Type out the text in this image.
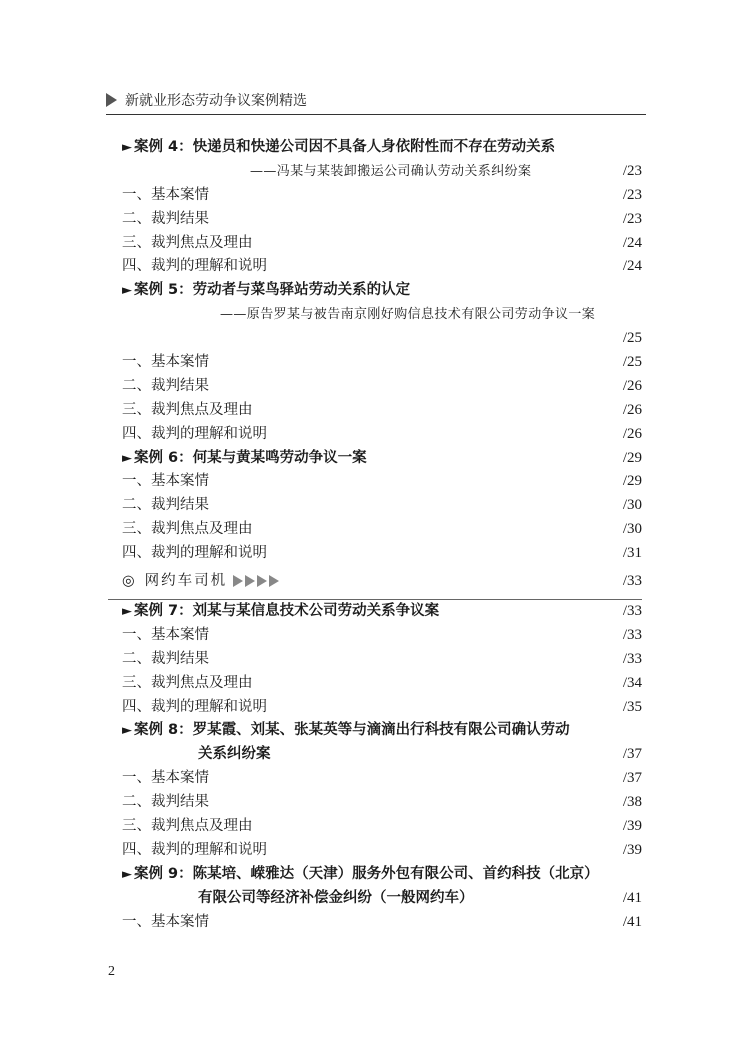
新就业形态劳动争议案例精选
► 案例 4：快递员和快递公司因不具备人身依附性而不存在劳动关系
——冯某与某装卸搬运公司确认劳动关系纠纷案	/23
一、基本案情	/23
二、裁判结果	/23
三、裁判焦点及理由	/24
四、裁判的理解和说明	/24
► 案例 5：劳动者与菜鸟驿站劳动关系的认定
——原告罗某与被告南京刚好购信息技术有限公司劳动争议一案
/25
一、基本案情	/25
二、裁判结果	/26
三、裁判焦点及理由	/26
四、裁判的理解和说明	/26
► 案例 6：何某与黄某鸣劳动争议一案	/29
一、基本案情	/29
二、裁判结果	/30
三、裁判焦点及理由	/30
四、裁判的理解和说明	/31
◎ 网约车司机	/33
► 案例 7：刘某与某信息技术公司劳动关系争议案	/33
一、基本案情	/33
二、裁判结果	/33
三、裁判焦点及理由	/34
四、裁判的理解和说明	/35
► 案例 8：罗某霞、刘某、张某英等与滴滴出行科技有限公司确认劳动
关系纠纷案	/37
一、基本案情	/37
二、裁判结果	/38
三、裁判焦点及理由	/39
四、裁判的理解和说明	/39
► 案例 9：陈某培、嵘雅达（天津）服务外包有限公司、首约科技（北京）
有限公司等经济补偿金纠纷（一般网约车）	/41
一、基本案情	/41
2
